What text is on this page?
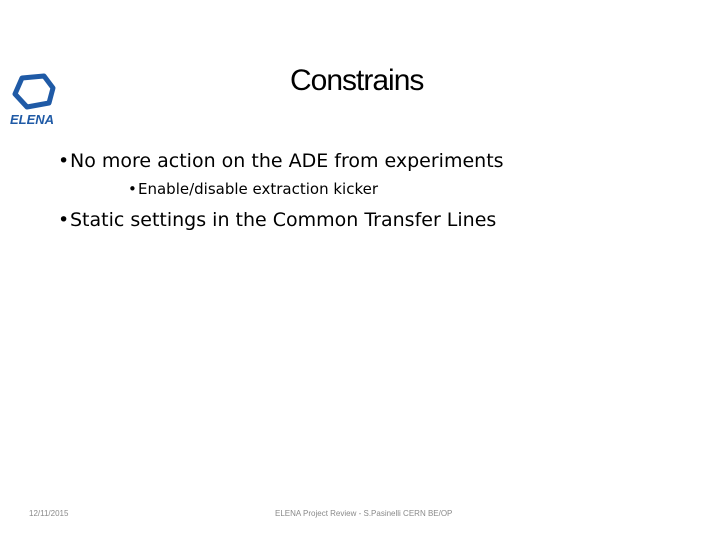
ELENA
Constrains
•No more action on the ADE from experiments
•Enable/disable extraction kicker
•Static settings in the Common Transfer Lines
12/11/2015	ELENA Project Review - S.Pasinelli CERN BE/OP
